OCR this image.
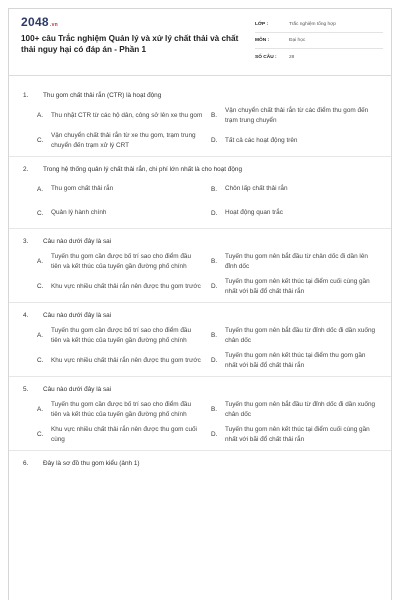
2048.vn
100+ câu Trắc nghiệm Quản lý và xử lý chất thải và chất thải nguy hại có đáp án - Phần 1
LỚP :	Trắc nghiệm tổng hợp
MÔN :	Đại học
SỐ CÂU :	28
1.	Thu gom chất thải rắn (CTR) là hoạt động
A.	Thu nhặt CTR từ các hộ dân, công sở lên xe thu gom B.
Vận chuyển chất thải rắn từ các điểm thu gom đến trạm trung chuyển
C.
Vận chuyển chất thải rắn từ xe thu gom, trạm trung chuyển đến trạm xử lý CRT
D.	Tất cả các hoạt động trên
2.	Trong hệ thống quản lý chất thải rắn, chi phí lớn nhất là cho hoạt động
A.	Thu gom chất thải rắn	B.	Chôn lấp chất thải rắn
C.	Quản lý hành chính	D.	Hoạt động quan trắc
3.	Câu nào dưới đây là sai
A.
Tuyến thu gom cần được bố trí sao cho điểm đầu tiên và kết thúc của tuyến gần đường phố chính
B.
Tuyến thu gom nên bắt đầu từ chân dốc đi dần lên đỉnh dốc
C.	Khu vực nhiều chất thải rắn nên được thu gom trước D.
Tuyến thu gom nên kết thúc tại điểm cuối cùng gần nhất với bãi đổ chất thải rắn
4.	Câu nào dưới đây là sai
A.
Tuyến thu gom cần được bố trí sao cho điểm đầu tiên và kết thúc của tuyến gần đường phố chính
B.
Tuyến thu gom nên bắt đầu từ đỉnh dốc đi dần xuống chân dốc
C.	Khu vực nhiều chất thải rắn nên được thu gom trước D.
Tuyến thu gom nên kết thúc tại điểm thu gom gần nhất với bãi đổ chất thải rắn
5.	Câu nào dưới đây là sai
A.
Tuyến thu gom cần được bố trí sao cho điểm đầu tiên và kết thúc của tuyến gần đường phố chính
B.
Tuyến thu gom nên bắt đầu từ đỉnh dốc đi dần xuống chân dốc
C.
Khu vực nhiều chất thải rắn nên được thu gom cuối cùng
D.
Tuyến thu gom nên kết thúc tại điểm cuối cùng gần nhất với bãi đổ chất thải rắn
6.	Đây là sơ đồ thu gom kiểu (ảnh 1)
